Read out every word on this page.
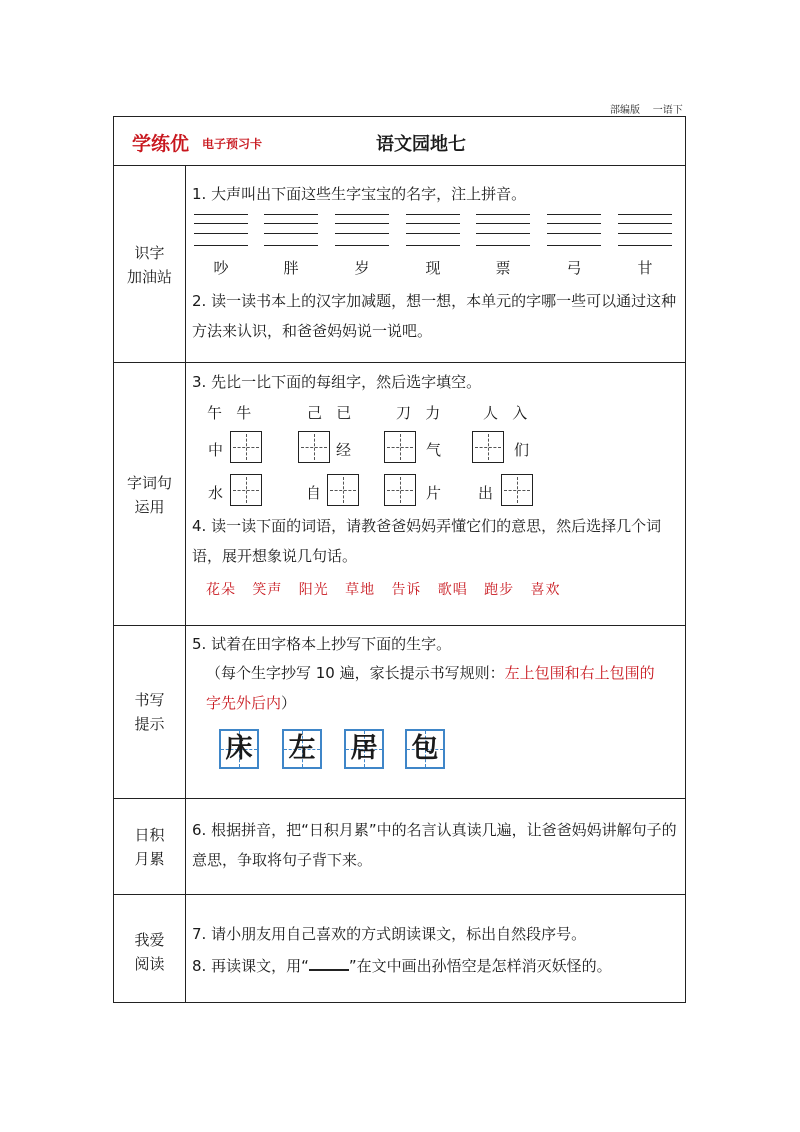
部编版    一语下
学练优 电子预习卡	语文园地七
识字
加油站
1. 大声叫出下面这些生字宝宝的名字，注上拼音。
吵	胖	岁	现	票	弓	甘
2. 读一读书本上的汉字加减题，想一想，本单元的字哪一些可以通过这种方法来认识，和爸爸妈妈说一说吧。
字词句
运用
3. 先比一比下面的每组字，然后选字填空。
午   牛	己   已	刀   力	人   入
中	经	气	们
水	自	片 出
4. 读一读下面的词语，请教爸爸妈妈弄懂它们的意思，然后选择几个词语，展开想象说几句话。
花朵 笑声 阳光 草地 告诉 歌唱 跑步 喜欢
书写
提示
5. 试着在田字格本上抄写下面的生字。
（每个生字抄写 10 遍，家长提示书写规则：左上包围和右上包围的
字先外后内）
床 左 居 包
日积
月累
6. 根据拼音，把“日积月累”中的名言认真读几遍，让爸爸妈妈讲解句子的意思，争取将句子背下来。
我爱
阅读
7. 请小朋友用自己喜欢的方式朗读课文，标出自然段序号。
8. 再读课文，用“	”在文中画出孙悟空是怎样消灭妖怪的。
